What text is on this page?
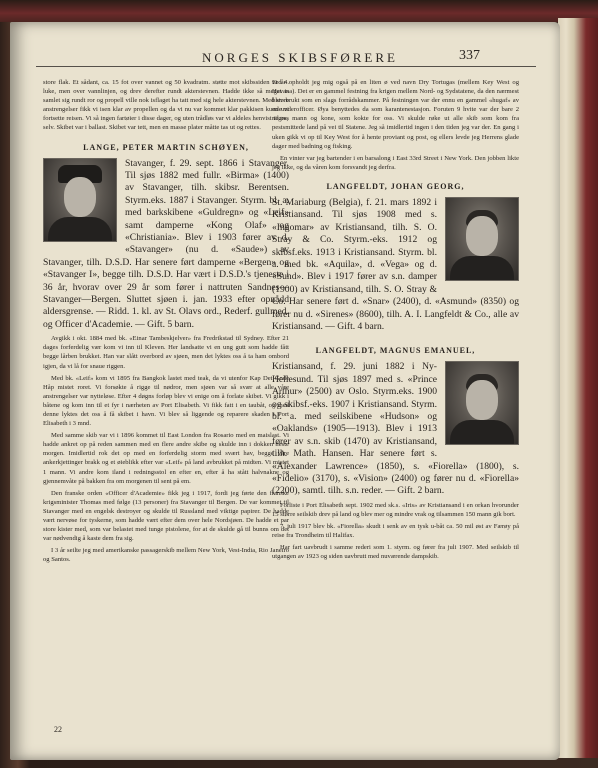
NORGES SKIBSFØRERE	337

store flak. Et sådant, ca. 15 fot over vannet og 50 kvadratm. støtte mot skibssiden ved 4. luke, men over vannlinjen, og drev derefter rundt akterstevnen. Hadde ikke så meget is samlet sig rundt ror og propell ville nok isflaget ha tatt med sig hele akterstevnen. Med store anstrengelser fikk vi isen klar av propellen og da vi nu var kommet klar pakkisen kunde vi fortsette reisen. Vi så ingen fartøier i disse dager, og uten trådløs var vi aldeles henvist til oss selv. Skibet var i ballast. Skibet var tett, men en masse plater måtte tas ut og rettes.

LANGE, PETER MARTIN SCHØYEN,

Stavanger, f. 29. sept. 1866 i Stavanger. Til sjøs 1882 med fullr. «Birma» (1400) av Stavanger, tilh. skibsr. Berentsen. Styrm.eks. 1887 i Stavanger. Styrm. bl. a. med barkskibene «Guldregn» og «Leif» samt damperne «Kong Olaf» og «Christiania». Blev i 1903 fører av d. «Stavanger» (nu d. «Saude») av Stavanger, tilh. D.S.D. Har senere ført damperne «Bergen» og «Stavanger I», begge tilh. D.S.D. Har vært i D.S.D.'s tjeneste i 36 år, hvorav over 29 år som fører i nattruten Sandnes—Stavanger—Bergen. Sluttet sjøen i. jan. 1933 efter opnådd aldersgrense. — Ridd. 1. kl. av St. Olavs ord., Rederf. gullmed. og Officer d'Academie. — Gift. 5 barn.

Avgikk i okt. 1884 med bk. «Einar Tambeskjelver» fra Fredrikstad til Sydney. Efter 21 dages forferdelig vær kom vi inn til Kleven. Her landsatte vi en ung gutt som hadde fått begge lårben brukket. Han var slått overbord av sjøen, men det lyktes oss å ta ham ombord igjen, da vi lå for snaue riggen.

Med bk. «Leif» kom vi 1895 fra Bangkok lastet med teak, da vi utenfor Kap Det Gode Håp mistet roret. Vi forsøkte å rigge til nødror, men sjøen var så svær at alle våre anstrengelser var nytteløse. Efter 4 døgns forløp blev vi enige om å forlate skibet. Vi gikk i båtene og kom inn til et fyr i nærheten av Port Elisabeth. Vi fikk fatt i en taubåt, og med denne lyktes det oss å få skibet i havn. Vi blev så liggende og reparere skaden i Port Elisabeth i 3 mnd.

Med samme skib var vi i 1896 kommet til East London fra Rosario med en maislast. Vi hadde ankret op på reden sammen med en flere andre skibe og skulde inn i dokken neste morgen. Imidlertid rok det op med en forferdelig storm med svært hav, begge våre ankerkjettinger brakk og et øieblikk efter var «Leif» på land avbrukket på midten. Vi mistet 1 mann. Vi andre kom iland i redningsstol en efter en, efter å ha stått halvnakne og gjennemvåte på bakken fra om morgenen til sent på em.

Den franske orden «Officer d'Academie» fikk jeg i 1917, fordi jeg førte den franske krigsminister Thomas med følge (13 personer) fra Stavanger til Bergen. De var kommet til Stavanger med en engelsk destroyer og skulde til Russland med viktige papirer. De hadde vært nervøse for tyskerne, som hadde vært efter dem over hele Nordsjøen. De hadde et par store kister med, som var belastet med tunge pistolene, for at de skulde gå til bunns om det var nødvendig å kaste dem fra sig.

I 3 år seilte jeg med amerikanske passagerskib mellem New York, Vest-India, Rio Janeiro og Santos.

Et år opholdt jeg mig også på en liten ø ved navn Dry Tortugas (mellem Key West og Havana). Det er en gammel festning fra krigen mellem Nord- og Sydstatene, da den nærmest blev brukt som en slags forrådskammer. På festningen var der ennu en gammel «hugaf» av en underofficer. Øya benyttedes da som karantenestasjon. Foruten 9 hvite var der bare 2 negre, mann og kone, som kokte for oss. Vi skulde røke ut alle skib som kom fra pestsmittede land på vei til Statene. Jeg så imidlertid ingen i den tiden jeg var der. En gang i uken gikk vi op til Key West for å hente proviant og post, og ellers levde jeg Herrens glade dager med badning og fisking.

En vinter var jeg bartender i en barsalong i East 33rd Street i New York. Den jobben likte jeg ikke, og da våren kom forsvandt jeg derfra.

LANGFELDT, JOHAN GEORG,

St. Mariaburg (Belgia), f. 21. mars 1892 i Kristiansand. Til sjøs 1908 med s. «Ingomar» av Kristiansand, tilh. S. O. Stray & Co. Styrm.-eks. 1912 og skibsf.eks. 1913 i Kristiansand. Styrm. bl. a. med bk. «Aquila», d. «Vega» og d. «Sund». Blev i 1917 fører av s.n. damper (1900) av Kristiansand, tilh. S. O. Stray & Co. Har senere ført d. «Snar» (2400), d. «Asmund» (8350) og fører nu d. «Sirenes» (8600), tilh. A. I. Langfeldt & Co., alle av Kristiansand. — Gift. 4 barn.

LANGFELDT, MAGNUS EMANUEL,

Kristiansand, f. 29. juni 1882 i Ny-Hellesund. Til sjøs 1897 med s. «Prince Arthur» (2500) av Oslo. Styrm.eks. 1900 og skibsf.-eks. 1907 i Kristiansand. Styrm. bl. a. med seilskibene «Hudson» og «Oaklands» (1905—1913). Blev i 1913 fører av s.n. skib (1470) av Kristiansand, tilh. Math. Hansen. Har senere ført s. «Alexander Lawrence» (1850), s. «Fiorella» (1800), s. «Fidelio» (3170), s. «Vision» (2400) og fører nu d. «Fiorella» (2200), samtl. tilh. s.n. reder. — Gift. 2 barn.

Forliste i Port Elisabeth sept. 1902 med sk.s. «Iris» av Kristiansand i en orkan hvorunder 15 større seilskib drev på land og blev mer og mindre vrak og tilsammen 150 mann gik bort.

7. juli 1917 blev bk. «Fiorella» skudt i senk av en tysk u-båt ca. 50 mil øst av Færøy på reise fra Trondheim til Halifax.

Har fart uavbrudt i samme rederi som 1. styrm. og fører fra juli 1907. Med seilskib til utgangen av 1923 og siden uavbrutt med nuværende dampskib.

22
